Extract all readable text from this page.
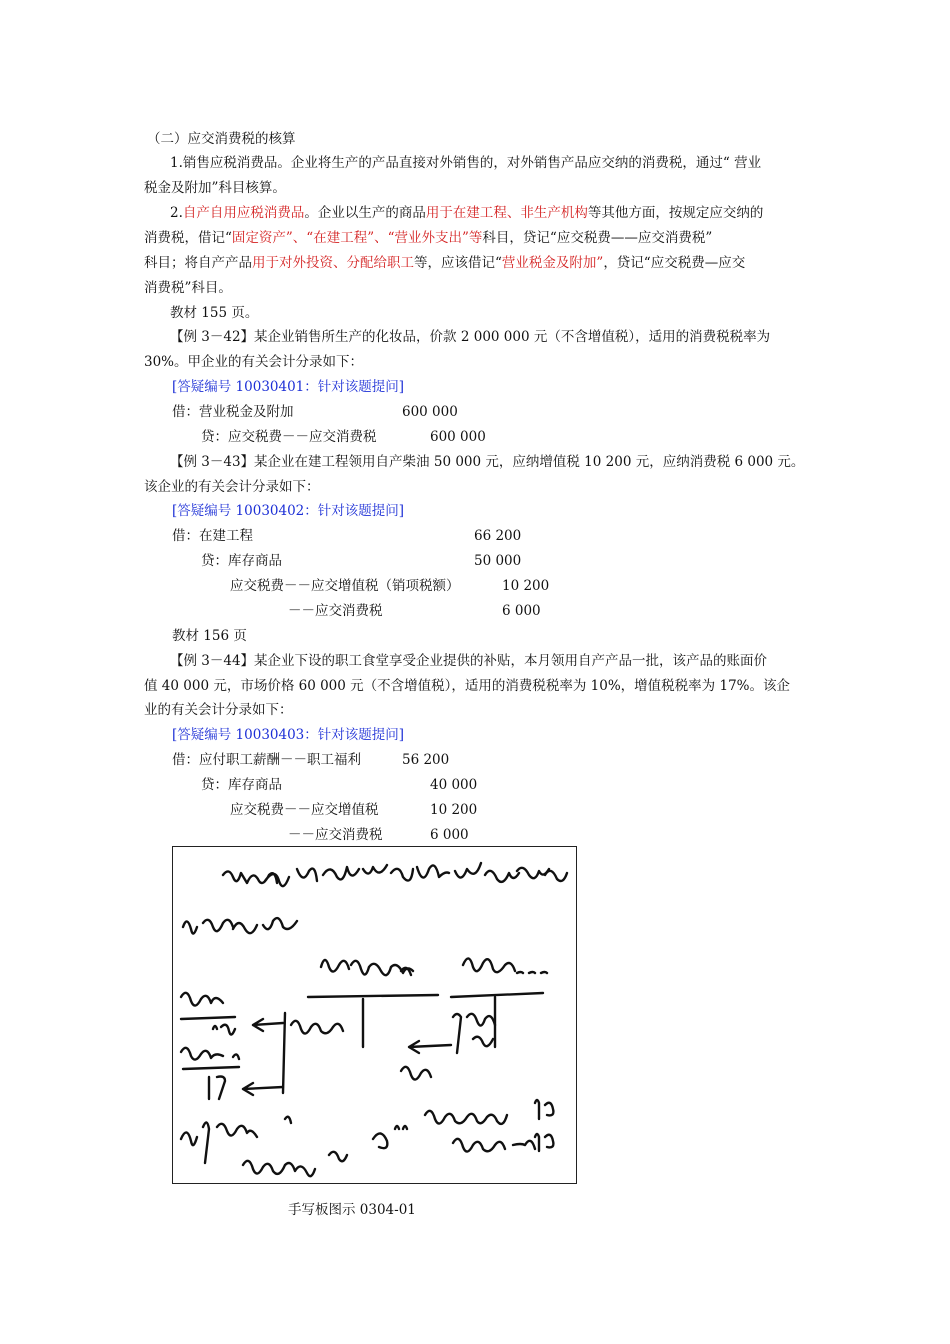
（二）应交消费税的核算
1.销售应税消费品。企业将生产的产品直接对外销售的，对外销售产品应交纳的消费税，通过“ 营业
税金及附加”科目核算。
2.自产自用应税消费品。企业以生产的商品用于在建工程、非生产机构等其他方面，按规定应交纳的
消费税，借记“固定资产”、“在建工程”、“营业外支出”等科目，贷记“应交税费——应交消费税”
科目；将自产产品用于对外投资、分配给职工等，应该借记“营业税金及附加”，贷记“应交税费—应交
消费税”科目。
教材 155 页。
【例 3－42】某企业销售所生产的化妆品，价款 2 000 000 元（不含增值税），适用的消费税税率为
30%。甲企业的有关会计分录如下：
[答疑编号 10030401：针对该题提问]
借：营业税金及附加	600 000
贷：应交税费－－应交消费税	600 000
【例 3－43】某企业在建工程领用自产柴油 50 000 元，应纳增值税 10 200 元，应纳消费税 6 000 元。
该企业的有关会计分录如下：
[答疑编号 10030402：针对该题提问]
借：在建工程	66 200
贷：库存商品	50 000
应交税费－－应交增值税（销项税额）	10 200
－－应交消费税	6 000
教材 156 页
【例 3－44】某企业下设的职工食堂享受企业提供的补贴，本月领用自产产品一批，该产品的账面价
值 40 000 元，市场价格 60 000 元（不含增值税），适用的消费税税率为 10%，增值税税率为 17%。该企
业的有关会计分录如下：
[答疑编号 10030403：针对该题提问]
借：应付职工薪酬－－职工福利	56 200
贷：库存商品	40 000
应交税费－－应交增值税	10 200
－－应交消费税	6 000
手写板图示 0304-01
